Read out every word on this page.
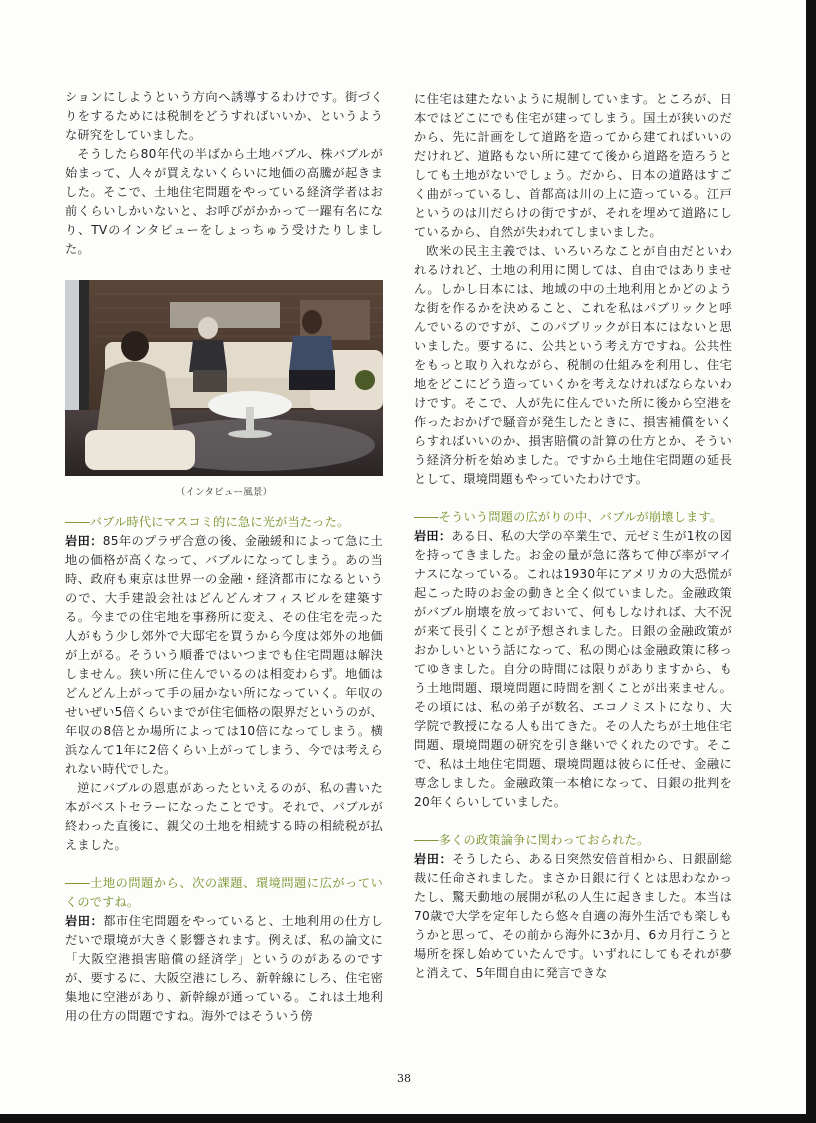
ションにしようという方向へ誘導するわけです。街づくりをするためには税制をどうすればいいか、というような研究をしていました。

そうしたら80年代の半ばから土地バブル、株バブルが始まって、人々が買えないくらいに地価の高騰が起きました。そこで、土地住宅問題をやっている経済学者はお前くらいしかいないと、お呼びがかかって一躍有名になり、TVのインタビューをしょっちゅう受けたりしました。

（インタビュー風景）

――バブル時代にマスコミ的に急に光が当たった。

岩田：85年のプラザ合意の後、金融緩和によって急に土地の価格が高くなって、バブルになってしまう。あの当時、政府も東京は世界一の金融・経済都市になるというので、大手建設会社はどんどんオフィスビルを建築する。今までの住宅地を事務所に変え、その住宅を売った人がもう少し郊外で大邸宅を買うから今度は郊外の地価が上がる。そういう順番ではいつまでも住宅問題は解決しません。狭い所に住んでいるのは相変わらず。地価はどんどん上がって手の届かない所になっていく。年収のせいぜい5倍くらいまでが住宅価格の限界だというのが、年収の8倍とか場所によっては10倍になってしまう。横浜なんて1年に2倍くらい上がってしまう、今では考えられない時代でした。

逆にバブルの恩恵があったといえるのが、私の書いた本がベストセラーになったことです。それで、バブルが終わった直後に、親父の土地を相続する時の相続税が払えました。

――土地の問題から、次の課題、環境問題に広がっていくのですね。

岩田：都市住宅問題をやっていると、土地利用の仕方しだいで環境が大きく影響されます。例えば、私の論文に「大阪空港損害賠償の経済学」というのがあるのですが、要するに、大阪空港にしろ、新幹線にしろ、住宅密集地に空港があり、新幹線が通っている。これは土地利用の仕方の問題ですね。海外ではそういう傍

に住宅は建たないように規制しています。ところが、日本ではどこにでも住宅が建ってしまう。国土が狭いのだから、先に計画をして道路を造ってから建てればいいのだけれど、道路もない所に建てて後から道路を造ろうとしても土地がないでしょう。だから、日本の道路はすごく曲がっているし、首都高は川の上に造っている。江戸というのは川だらけの街ですが、それを埋めて道路にしているから、自然が失われてしまいました。

欧米の民主主義では、いろいろなことが自由だといわれるけれど、土地の利用に関しては、自由ではありません。しかし日本には、地域の中の土地利用とかどのような街を作るかを決めること、これを私はパブリックと呼んでいるのですが、このパブリックが日本にはないと思いました。要するに、公共という考え方ですね。公共性をもっと取り入れながら、税制の仕組みを利用し、住宅地をどこにどう造っていくかを考えなければならないわけです。そこで、人が先に住んでいた所に後から空港を作ったおかげで騒音が発生したときに、損害補償をいくらすればいいのか、損害賠償の計算の仕方とか、そういう経済分析を始めました。ですから土地住宅問題の延長として、環境問題もやっていたわけです。

――そういう問題の広がりの中、バブルが崩壊します。

岩田：ある日、私の大学の卒業生で、元ゼミ生が1枚の図を持ってきました。お金の量が急に落ちて伸び率がマイナスになっている。これは1930年にアメリカの大恐慌が起こった時のお金の動きと全く似ていました。金融政策がバブル崩壊を放っておいて、何もしなければ、大不況が来て長引くことが予想されました。日銀の金融政策がおかしいという話になって、私の関心は金融政策に移ってゆきました。自分の時間には限りがありますから、もう土地問題、環境問題に時間を割くことが出来ません。その頃には、私の弟子が数名、エコノミストになり、大学院で教授になる人も出てきた。その人たちが土地住宅問題、環境問題の研究を引き継いでくれたのです。そこで、私は土地住宅問題、環境問題は彼らに任せ、金融に専念しました。金融政策一本槍になって、日銀の批判を20年くらいしていました。

――多くの政策論争に関わっておられた。

岩田：そうしたら、ある日突然安倍首相から、日銀副総裁に任命されました。まさか日銀に行くとは思わなかったし、驚天動地の展開が私の人生に起きました。本当は70歳で大学を定年したら悠々自適の海外生活でも楽しもうかと思って、その前から海外に3か月、6カ月行こうと場所を探し始めていたんです。いずれにしてもそれが夢と消えて、5年間自由に発言できな

38
